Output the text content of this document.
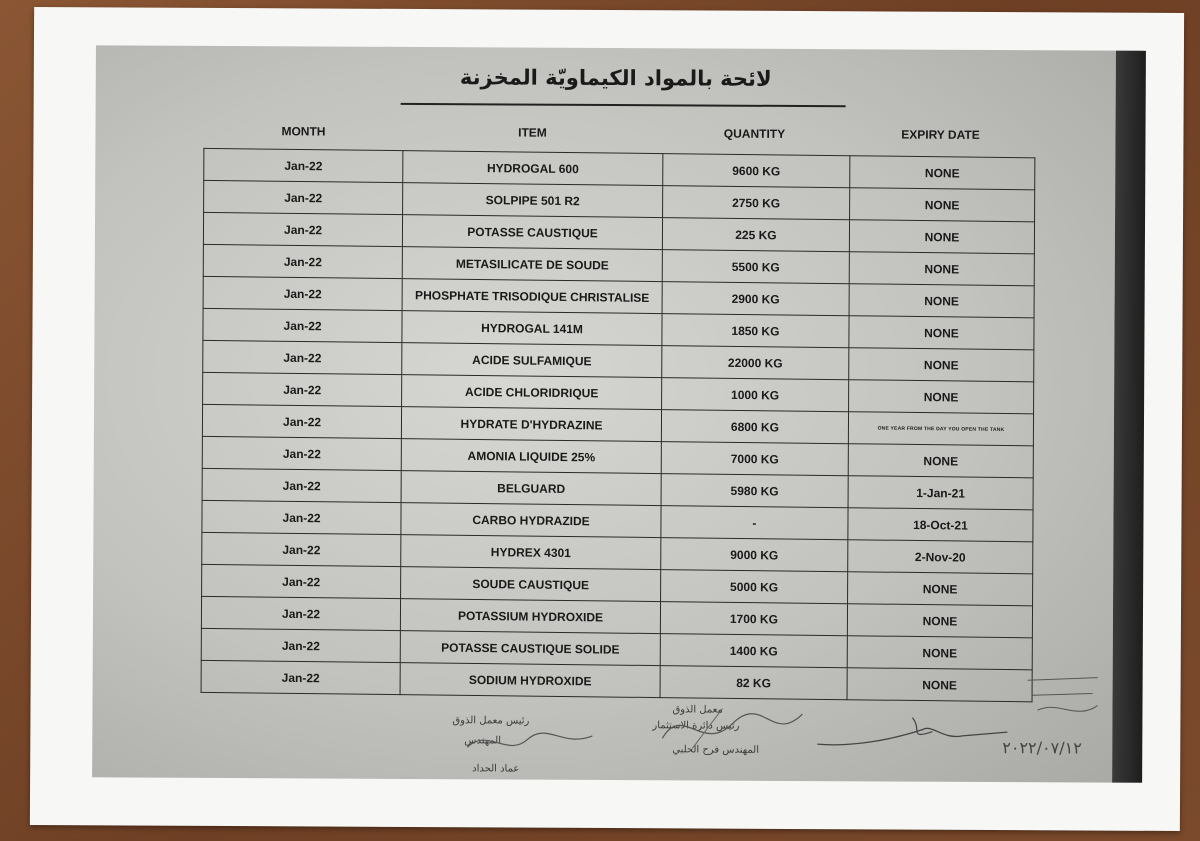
لائحة بالمواد الكيماويّة المخزنة
MONTH	ITEM	QUANTITY	EXPIRY DATE
Jan-22	HYDROGAL 600	9600 KG	NONE
Jan-22	SOLPIPE 501 R2	2750 KG	NONE
Jan-22	POTASSE CAUSTIQUE	225 KG	NONE
Jan-22	METASILICATE DE SOUDE	5500 KG	NONE
Jan-22	PHOSPHATE TRISODIQUE CHRISTALISE	2900 KG	NONE
Jan-22	HYDROGAL 141M	1850 KG	NONE
Jan-22	ACIDE SULFAMIQUE	22000 KG	NONE
Jan-22	ACIDE CHLORIDRIQUE	1000 KG	NONE
Jan-22	HYDRATE D'HYDRAZINE	6800 KG	ONE YEAR FROM THE DAY YOU OPEN THE TANK
Jan-22	AMONIA LIQUIDE 25%	7000 KG	NONE
Jan-22	BELGUARD	5980 KG	1-Jan-21
Jan-22	CARBO HYDRAZIDE	-	18-Oct-21
Jan-22	HYDREX 4301	9000 KG	2-Nov-20
Jan-22	SOUDE CAUSTIQUE	5000 KG	NONE
Jan-22	POTASSIUM HYDROXIDE	1700 KG	NONE
Jan-22	POTASSE CAUSTIQUE SOLIDE	1400 KG	NONE
Jan-22	SODIUM HYDROXIDE	82 KG	NONE
رئيس معمل الذوق
المهندس
عماد الحداد
معمل الذوق
رئيس دائرة الاستثمار
المهندس فرح الحلبي	٢٠٢٢/٠٧/١٢
